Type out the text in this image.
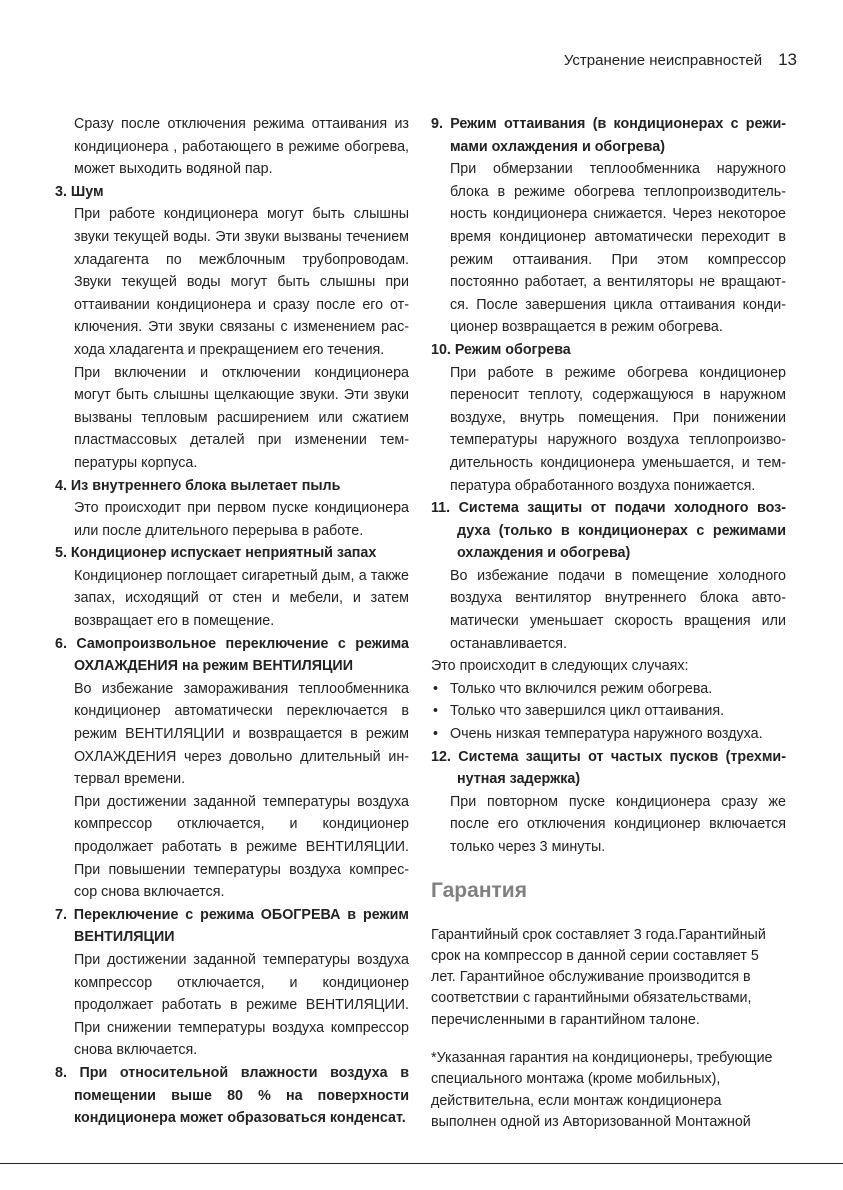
Устранение неисправностей 13

Сразу после отключения режима оттаивания из кондиционера , работающего в режиме обогрева, может выходить водяной пар.

3. Шум

При работе кондиционера могут быть слышны звуки текущей воды. Эти звуки вызваны течением хладагента по межблочным трубопроводам. Звуки текущей воды могут быть слышны при оттаивании кондиционера и сразу после его отключения. Эти звуки связаны с изменением расхода хладагента и прекращением его течения.

При включении и отключении кондиционера могут быть слышны щелкающие звуки. Эти звуки вызваны тепловым расширением или сжатием пластмассовых деталей при изменении температуры корпуса.

4. Из внутреннего блока вылетает пыль

Это происходит при первом пуске кондиционера или после длительного перерыва в работе.

5. Кондиционер испускает неприятный запах

Кондиционер поглощает сигаретный дым, а также запах, исходящий от стен и мебели, и затем возвращает его в помещение.

6. Самопроизвольное переключение с режима ОХЛАЖДЕНИЯ на режим ВЕНТИЛЯЦИИ

Во избежание замораживания теплообменника кондиционер автоматически переключается в режим ВЕНТИЛЯЦИИ и возвращается в режим ОХЛАЖДЕНИЯ через довольно длительный интервал времени.

При достижении заданной температуры воздуха компрессор отключается, и кондиционер продолжает работать в режиме ВЕНТИЛЯЦИИ. При повышении температуры воздуха компрессор снова включается.

7. Переключение с режима ОБОГРЕВА в режим ВЕНТИЛЯЦИИ

При достижении заданной температуры воздуха компрессор отключается, и кондиционер продолжает работать в режиме ВЕНТИЛЯЦИИ. При снижении температуры воздуха компрессор снова включается.

8. При относительной влажности воздуха в помещении выше 80 % на поверхности кондиционера может образоваться конденсат.

9. Режим оттаивания (в кондиционерах с режимами охлаждения и обогрева)

При обмерзании теплообменника наружного блока в режиме обогрева теплопроизводительность кондиционера снижается. Через некоторое время кондиционер автоматически переходит в режим оттаивания. При этом компрессор постоянно работает, а вентиляторы не вращаются. После завершения цикла оттаивания кондиционер возвращается в режим обогрева.

10. Режим обогрева

При работе в режиме обогрева кондиционер переносит теплоту, содержащуюся в наружном воздухе, внутрь помещения. При понижении температуры наружного воздуха теплопроизводительность кондиционера уменьшается, и температура обработанного воздуха понижается.

11. Система защиты от подачи холодного воздуха (только в кондиционерах с режимами охлаждения и обогрева)

Во избежание подачи в помещение холодного воздуха вентилятор внутреннего блока автоматически уменьшает скорость вращения или останавливается.

Это происходит в следующих случаях:

• Только что включился режим обогрева.
• Только что завершился цикл оттаивания.
• Очень низкая температура наружного воздуха.

12. Система защиты от частых пусков (трехминутная задержка)

При повторном пуске кондиционера сразу же после его отключения кондиционер включается только через 3 минуты.

Гарантия

Гарантийный срок составляет 3 года.Гарантийный срок на компрессор в данной серии составляет 5 лет. Гарантийное обслуживание производится в соответствии с гарантийными обязательствами, перечисленными в гарантийном талоне.

*Указанная гарантия на кондиционеры, требующие специального монтажа (кроме мобильных), действительна, если монтаж кондиционера выполнен одной из Авторизованной Монтажной
